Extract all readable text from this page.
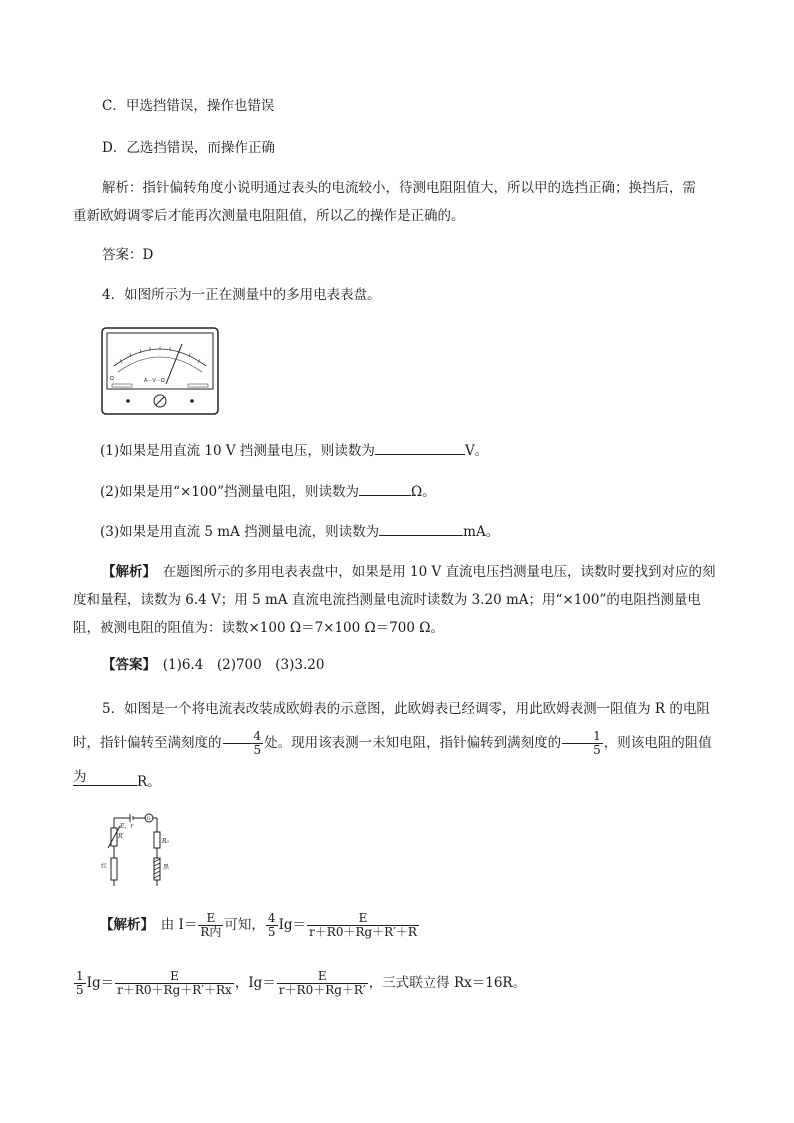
C．甲选挡错误，操作也错误
D．乙选挡错误，而操作正确
解析：指针偏转角度小说明通过表头的电流较小，待测电阻阻值大，所以甲的选挡正确；换挡后，需
重新欧姆调零后才能再次测量电阻阻值，所以乙的操作是正确的。
答案：D
4．如图所示为一正在测量中的多用电表表盘。
Ω	A－V－Ω
(1)如果是用直流 10 V 挡测量电压，则读数为	V。
(2)如果是用“×100”挡测量电阻，则读数为	Ω。
(3)如果是用直流 5 mA 挡测量电流，则读数为	mA。
【解析】　在题图所示的多用电表表盘中，如果是用 10 V 直流电压挡测量电压，读数时要找到对应的刻度和量程，读数为 6.4 V；用 5 mA 直流电流挡测量电流时读数为 3.20 mA；用“×100”的电阻挡测量电阻，被测电阻的阻值为：读数×100 Ω＝7×100 Ω＝700 Ω。
【答案】　(1)6.4　(2)700　(3)3.20
5．如图是一个将电流表改装成欧姆表的示意图，此欧姆表已经调零，用此欧姆表测一阻值为 R 的电阻时，指针偏转至满刻度的 $\frac{4}{5}$ 处。现用该表测一未知电阻，指针偏转到满刻度的 $\frac{1}{5}$ ，则该电阻的阻值为	R。
E，r
R′
G
R₀
红	黑
【解析】　由 $I= \frac{E}{\text{R内}}$ 可知， $\frac{4}{5} Ig= \frac{E}{r+R0+Rg+R'+R}$
$\frac{1}{5} Ig= \frac{E}{r+R0+Rg+R'+Rx}$ ，$Ig= \frac{E}{r+R0+Rg+R'}$ ，三式联立得 Rx＝16R。
